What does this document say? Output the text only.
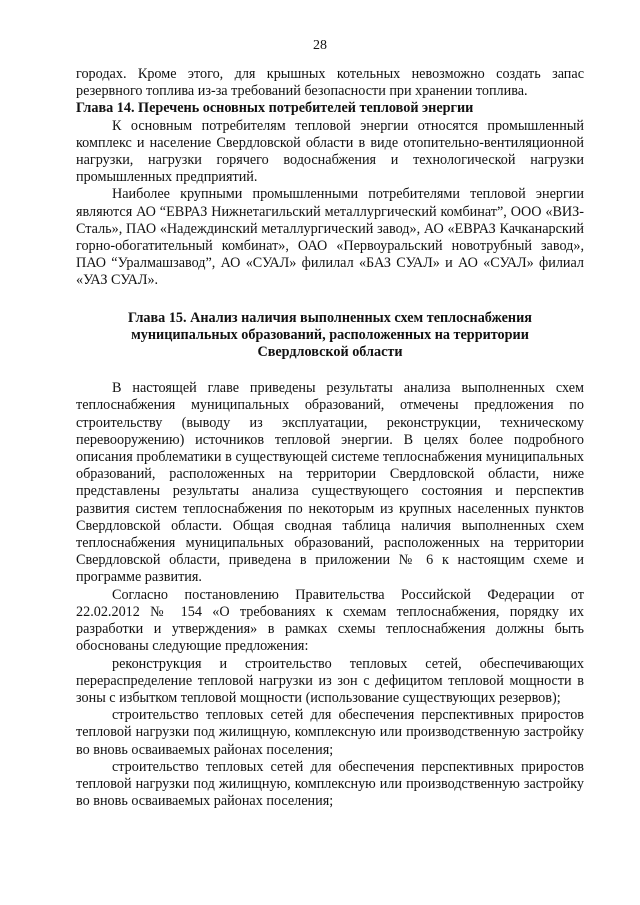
28

городах. Кроме этого, для крышных котельных невозможно создать запас резервного топлива из-за требований безопасности при хранении топлива.

Глава 14. Перечень основных потребителей тепловой энергии

К основным потребителям тепловой энергии относятся промышленный комплекс и население Свердловской области в виде отопительно-вентиляционной нагрузки, нагрузки горячего водоснабжения и технологической нагрузки промышленных предприятий.

Наиболее крупными промышленными потребителями тепловой энергии являются АО “ЕВРАЗ Нижнетагильский металлургический комбинат”, ООО «ВИЗ-Сталь», ПАО «Надеждинский металлургический завод», АО «ЕВРАЗ Качканарский горно-обогатительный комбинат», ОАО «Первоуральский новотрубный завод», ПАО “Уралмашзавод”, АО «СУАЛ» филилал «БАЗ СУАЛ» и АО «СУАЛ» филиал «УАЗ СУАЛ».

Глава 15. Анализ наличия выполненных схем теплоснабжения
муниципальных образований, расположенных на территории
Свердловской области

В настоящей главе приведены результаты анализа выполненных схем теплоснабжения муниципальных образований, отмечены предложения по строительству (выводу из эксплуатации, реконструкции, техническому перевооружению) источников тепловой энергии. В целях более подробного описания проблематики в существующей системе теплоснабжения муниципальных образований, расположенных на территории Свердловской области, ниже представлены результаты анализа существующего состояния и перспектив развития систем теплоснабжения по некоторым из крупных населенных пунктов Свердловской области. Общая сводная таблица наличия выполненных схем теплоснабжения муниципальных образований, расположенных на территории Свердловской области, приведена в приложении № 6 к настоящим схеме и программе развития.

Согласно постановлению Правительства Российской Федерации от 22.02.2012 № 154 «О требованиях к схемам теплоснабжения, порядку их разработки и утверждения» в рамках схемы теплоснабжения должны быть обоснованы следующие предложения:

реконструкция и строительство тепловых сетей, обеспечивающих перераспределение тепловой нагрузки из зон с дефицитом тепловой мощности в зоны с избытком тепловой мощности (использование существующих резервов);

строительство тепловых сетей для обеспечения перспективных приростов тепловой нагрузки под жилищную, комплексную или производственную застройку во вновь осваиваемых районах поселения;

строительство тепловых сетей для обеспечения перспективных приростов тепловой нагрузки под жилищную, комплексную или производственную застройку во вновь осваиваемых районах поселения;
